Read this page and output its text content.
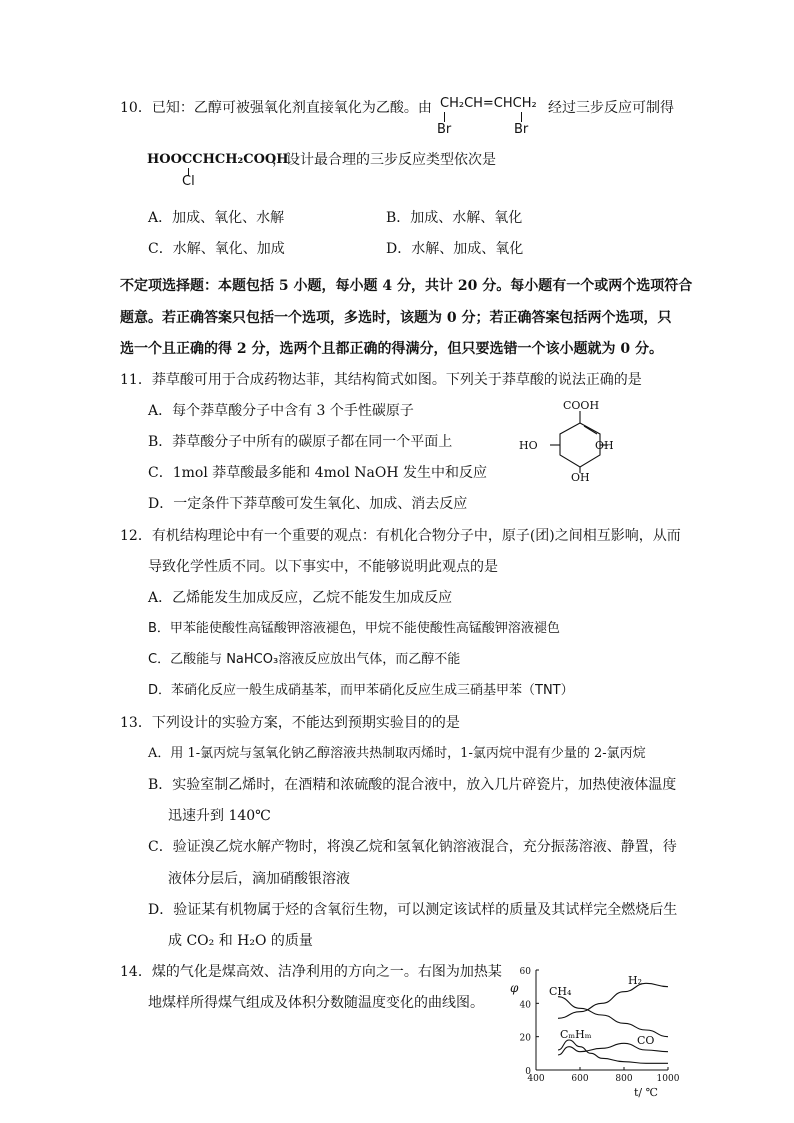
10．已知：乙醇可被强氧化剂直接氧化为乙酸。由 CH₂CH=CHCH₂
Br	Br
经过三步反应可制得
HOOCCHCH₂COOH
Cl
，设计最合理的三步反应类型依次是
A．加成、氧化、水解	B．加成、水解、氧化
C．水解、氧化、加成	D．水解、加成、氧化
不定项选择题：本题包括 5 小题，每小题 4 分，共计 20 分。每小题有一个或两个选项符合
题意。若正确答案只包括一个选项，多选时，该题为 0 分；若正确答案包括两个选项，只
选一个且正确的得 2 分，选两个且都正确的得满分，但只要选错一个该小题就为 0 分。
11．莽草酸可用于合成药物达菲，其结构简式如图。下列关于莽草酸的说法正确的是
A．每个莽草酸分子中含有 3 个手性碳原子
B．莽草酸分子中所有的碳原子都在同一个平面上
C．1mol 莽草酸最多能和 4mol NaOH 发生中和反应
D．一定条件下莽草酸可发生氧化、加成、消去反应
COOH
HO	OH
OH
12．有机结构理论中有一个重要的观点：有机化合物分子中，原子(团)之间相互影响，从而
导致化学性质不同。以下事实中，不能够说明此观点的是
A．乙烯能发生加成反应，乙烷不能发生加成反应
B．甲苯能使酸性高锰酸钾溶液褪色，甲烷不能使酸性高锰酸钾溶液褪色
C．乙酸能与 NaHCO₃溶液反应放出气体，而乙醇不能
D．苯硝化反应一般生成硝基苯，而甲苯硝化反应生成三硝基甲苯（TNT）
13．下列设计的实验方案，不能达到预期实验目的的是
A．用 1-氯丙烷与氢氧化钠乙醇溶液共热制取丙烯时，1-氯丙烷中混有少量的 2-氯丙烷
B．实验室制乙烯时，在酒精和浓硫酸的混合液中，放入几片碎瓷片，加热使液体温度
迅速升到 140℃
C．验证溴乙烷水解产物时，将溴乙烷和氢氧化钠溶液混合，充分振荡溶液、静置，待
液体分层后，滴加硝酸银溶液
D．验证某有机物属于烃的含氧衍生物，可以测定该试样的质量及其试样完全燃烧后生
成 CO₂ 和 H₂O 的质量
14．煤的气化是煤高效、洁净利用的方向之一。右图为加热某
地煤样所得煤气组成及体积分数随温度变化的曲线图。
0
20
40
60
400	600	800	1000
φ
t/ ℃
H₂
CH₄
CₘHₘ	CO
